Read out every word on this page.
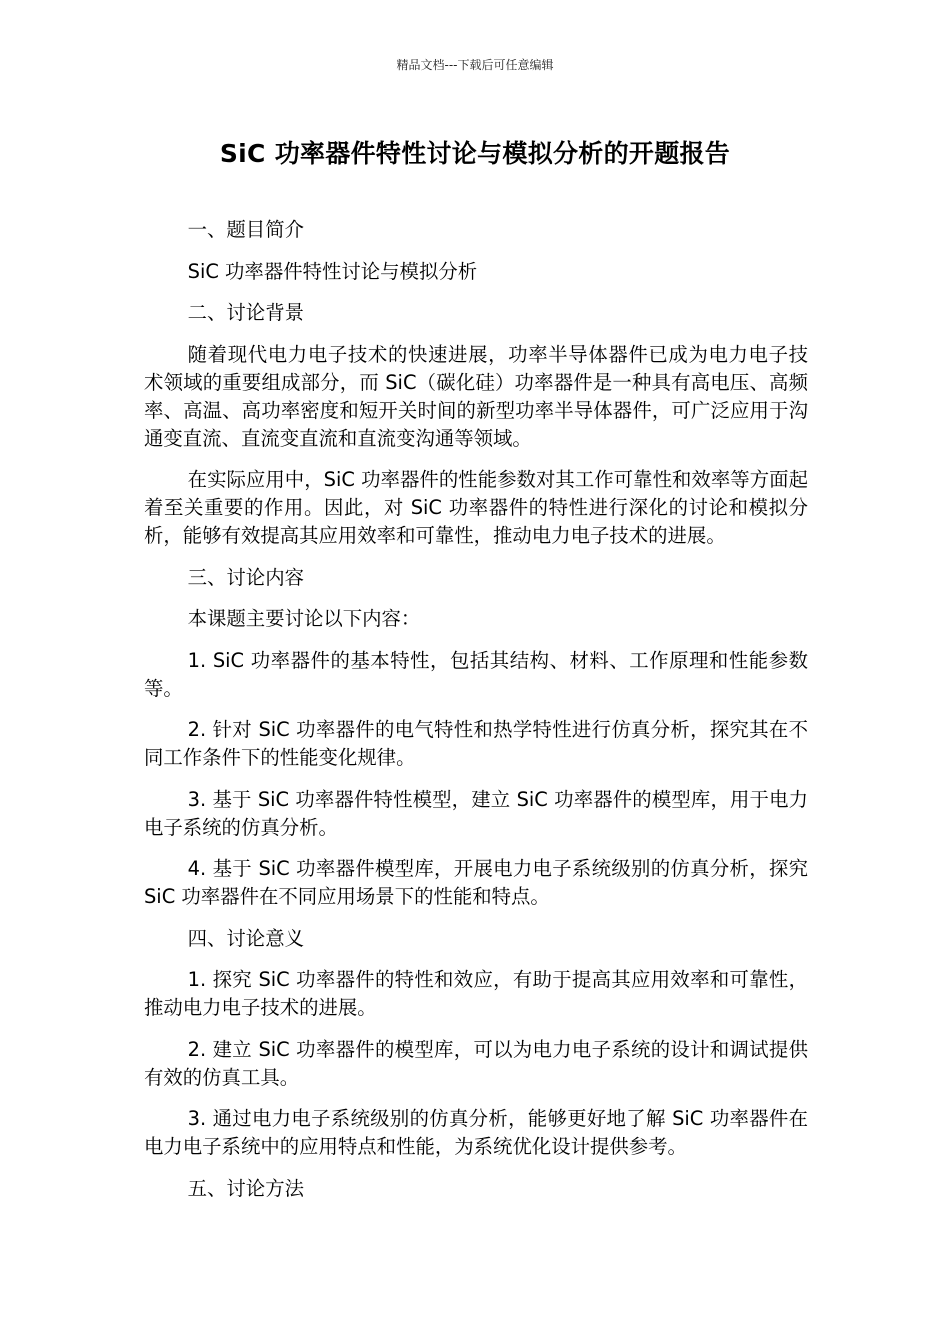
精品文档---下载后可任意编辑
SiC 功率器件特性讨论与模拟分析的开题报告

一、题目简介

SiC 功率器件特性讨论与模拟分析

二、讨论背景

随着现代电力电子技术的快速进展，功率半导体器件已成为电力电子技术领域的重要组成部分，而 SiC（碳化硅）功率器件是一种具有高电压、高频率、高温、高功率密度和短开关时间的新型功率半导体器件，可广泛应用于沟通变直流、直流变直流和直流变沟通等领域。

在实际应用中，SiC 功率器件的性能参数对其工作可靠性和效率等方面起着至关重要的作用。因此，对 SiC 功率器件的特性进行深化的讨论和模拟分析，能够有效提高其应用效率和可靠性，推动电力电子技术的进展。

三、讨论内容

本课题主要讨论以下内容：

1. SiC 功率器件的基本特性，包括其结构、材料、工作原理和性能参数等。

2. 针对 SiC 功率器件的电气特性和热学特性进行仿真分析，探究其在不同工作条件下的性能变化规律。

3. 基于 SiC 功率器件特性模型，建立 SiC 功率器件的模型库，用于电力电子系统的仿真分析。

4. 基于 SiC 功率器件模型库，开展电力电子系统级别的仿真分析，探究 SiC 功率器件在不同应用场景下的性能和特点。

四、讨论意义

1. 探究 SiC 功率器件的特性和效应，有助于提高其应用效率和可靠性，推动电力电子技术的进展。

2. 建立 SiC 功率器件的模型库，可以为电力电子系统的设计和调试提供有效的仿真工具。

3. 通过电力电子系统级别的仿真分析，能够更好地了解 SiC 功率器件在电力电子系统中的应用特点和性能，为系统优化设计提供参考。

五、讨论方法
